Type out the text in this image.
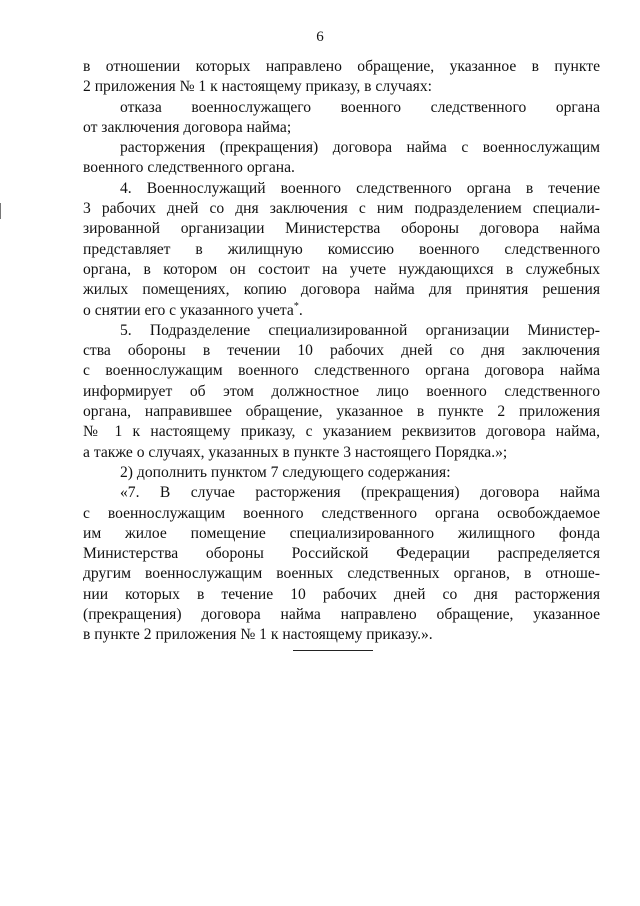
6
в отношении которых направлено обращение, указанное в пункте
2 приложения № 1 к настоящему приказу, в случаях:
отказа военнослужащего военного следственного органа
от заключения договора найма;
расторжения (прекращения) договора найма с военнослужащим
военного следственного органа.
4. Военнослужащий военного следственного органа в течение
3 рабочих дней со дня заключения с ним подразделением специали-
зированной организации Министерства обороны договора найма
представляет в жилищную комиссию военного следственного
органа, в котором он состоит на учете нуждающихся в служебных
жилых помещениях, копию договора найма для принятия решения
о снятии его с указанного учета*.
5. Подразделение специализированной организации Министер-
ства обороны в течении 10 рабочих дней со дня заключения
с военнослужащим военного следственного органа договора найма
информирует об этом должностное лицо военного следственного
органа, направившее обращение, указанное в пункте 2 приложения
№ 1 к настоящему приказу, с указанием реквизитов договора найма,
а также о случаях, указанных в пункте 3 настоящего Порядка.»;
2) дополнить пунктом 7 следующего содержания:
«7. В случае расторжения (прекращения) договора найма
с военнослужащим военного следственного органа освобождаемое
им жилое помещение специализированного жилищного фонда
Министерства обороны Российской Федерации распределяется
другим военнослужащим военных следственных органов, в отноше-
нии которых в течение 10 рабочих дней со дня расторжения
(прекращения) договора найма направлено обращение, указанное
в пункте 2 приложения № 1 к настоящему приказу.».
